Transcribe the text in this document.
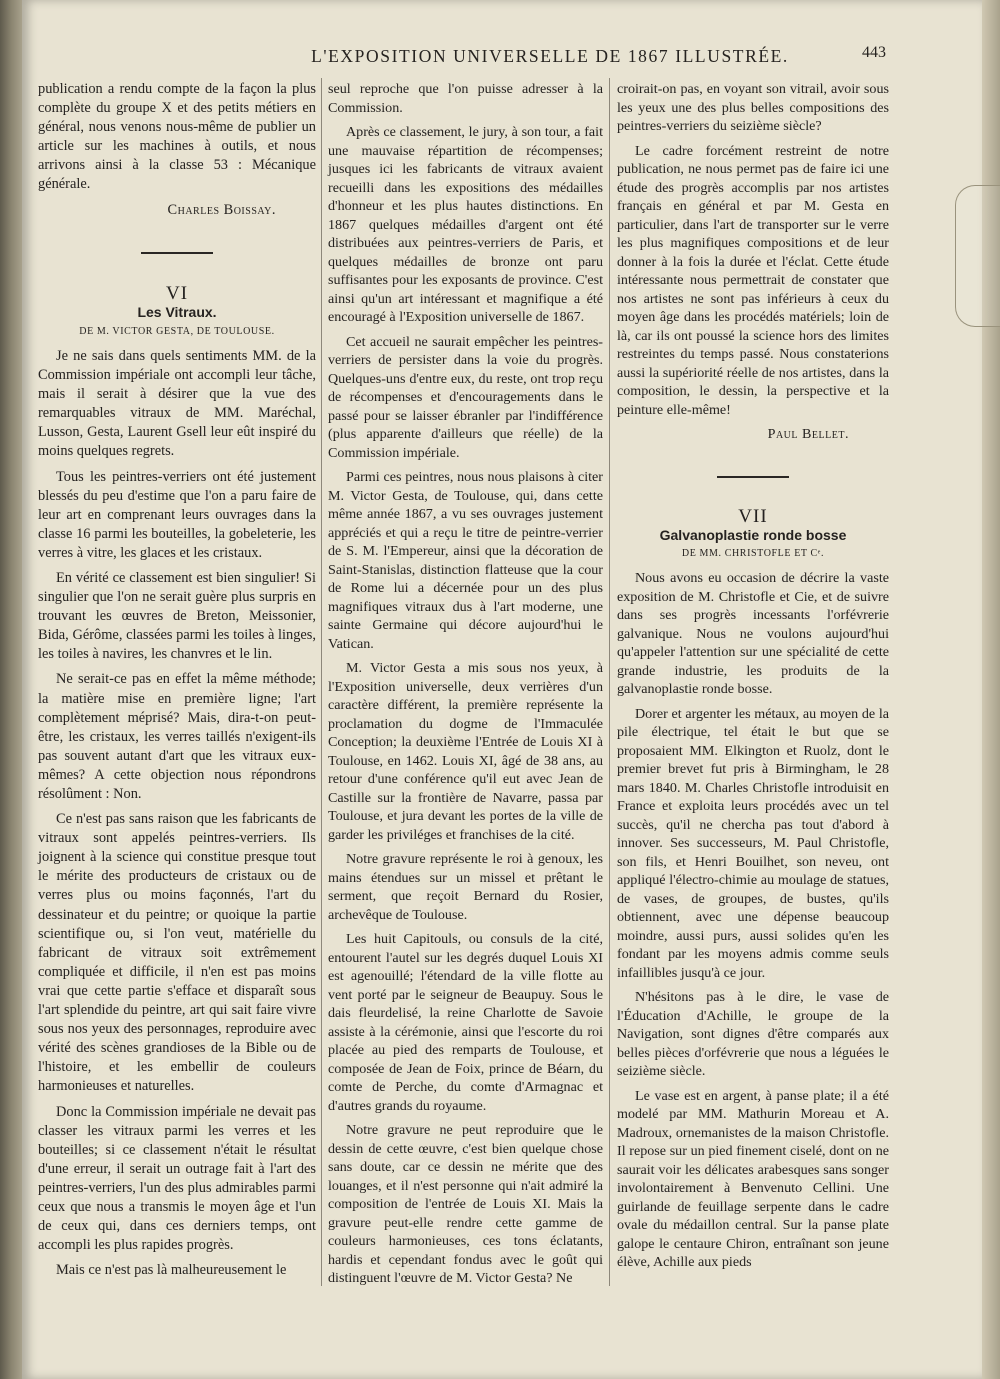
L'EXPOSITION UNIVERSELLE DE 1867 ILLUSTRÉE.	443

publication a rendu compte de la façon la plus complète du groupe X et des petits métiers en général, nous venons nous-même de publier un article sur les machines à outils, et nous arrivons ainsi à la classe 53 : Mécanique générale.

Charles Boissay.

VI

Les Vitraux.

DE M. VICTOR GESTA, DE TOULOUSE.

Je ne sais dans quels sentiments MM. de la Commission impériale ont accompli leur tâche, mais il serait à désirer que la vue des remarquables vitraux de MM. Maréchal, Lusson, Gesta, Laurent Gsell leur eût inspiré du moins quelques regrets.

Tous les peintres-verriers ont été justement blessés du peu d'estime que l'on a paru faire de leur art en comprenant leurs ouvrages dans la classe 16 parmi les bouteilles, la gobeleterie, les verres à vitre, les glaces et les cristaux.

En vérité ce classement est bien singulier! Si singulier que l'on ne serait guère plus surpris en trouvant les œuvres de Breton, Meissonier, Bida, Gérôme, classées parmi les toiles à linges, les toiles à navires, les chanvres et le lin.

Ne serait-ce pas en effet la même méthode; la matière mise en première ligne; l'art complètement méprisé? Mais, dira-t-on peut-être, les cristaux, les verres taillés n'exigent-ils pas souvent autant d'art que les vitraux eux-mêmes? A cette objection nous répondrons résolûment : Non.

Ce n'est pas sans raison que les fabricants de vitraux sont appelés peintres-verriers. Ils joignent à la science qui constitue presque tout le mérite des producteurs de cristaux ou de verres plus ou moins façonnés, l'art du dessinateur et du peintre; or quoique la partie scientifique ou, si l'on veut, matérielle du fabricant de vitraux soit extrêmement compliquée et difficile, il n'en est pas moins vrai que cette partie s'efface et disparaît sous l'art splendide du peintre, art qui sait faire vivre sous nos yeux des personnages, reproduire avec vérité des scènes grandioses de la Bible ou de l'histoire, et les embellir de couleurs harmonieuses et naturelles.

Donc la Commission impériale ne devait pas classer les vitraux parmi les verres et les bouteilles; si ce classement n'était le résultat d'une erreur, il serait un outrage fait à l'art des peintres-verriers, l'un des plus admirables parmi ceux que nous a transmis le moyen âge et l'un de ceux qui, dans ces derniers temps, ont accompli les plus rapides progrès.

Mais ce n'est pas là malheureusement le

seul reproche que l'on puisse adresser à la Commission.

Après ce classement, le jury, à son tour, a fait une mauvaise répartition de récompenses; jusques ici les fabricants de vitraux avaient recueilli dans les expositions des médailles d'honneur et les plus hautes distinctions. En 1867 quelques médailles d'argent ont été distribuées aux peintres-verriers de Paris, et quelques médailles de bronze ont paru suffisantes pour les exposants de province. C'est ainsi qu'un art intéressant et magnifique a été encouragé à l'Exposition universelle de 1867.

Cet accueil ne saurait empêcher les peintres-verriers de persister dans la voie du progrès. Quelques-uns d'entre eux, du reste, ont trop reçu de récompenses et d'encouragements dans le passé pour se laisser ébranler par l'indifférence (plus apparente d'ailleurs que réelle) de la Commission impériale.

Parmi ces peintres, nous nous plaisons à citer M. Victor Gesta, de Toulouse, qui, dans cette même année 1867, a vu ses ouvrages justement appréciés et qui a reçu le titre de peintre-verrier de S. M. l'Empereur, ainsi que la décoration de Saint-Stanislas, distinction flatteuse que la cour de Rome lui a décernée pour un des plus magnifiques vitraux dus à l'art moderne, une sainte Germaine qui décore aujourd'hui le Vatican.

M. Victor Gesta a mis sous nos yeux, à l'Exposition universelle, deux verrières d'un caractère différent, la première représente la proclamation du dogme de l'Immaculée Conception; la deuxième l'Entrée de Louis XI à Toulouse, en 1462. Louis XI, âgé de 38 ans, au retour d'une conférence qu'il eut avec Jean de Castille sur la frontière de Navarre, passa par Toulouse, et jura devant les portes de la ville de garder les priviléges et franchises de la cité.

Notre gravure représente le roi à genoux, les mains étendues sur un missel et prêtant le serment, que reçoit Bernard du Rosier, archevêque de Toulouse.

Les huit Capitouls, ou consuls de la cité, entourent l'autel sur les degrés duquel Louis XI est agenouillé; l'étendard de la ville flotte au vent porté par le seigneur de Beaupuy. Sous le dais fleurdelisé, la reine Charlotte de Savoie assiste à la cérémonie, ainsi que l'escorte du roi placée au pied des remparts de Toulouse, et composée de Jean de Foix, prince de Béarn, du comte de Perche, du comte d'Armagnac et d'autres grands du royaume.

Notre gravure ne peut reproduire que le dessin de cette œuvre, c'est bien quelque chose sans doute, car ce dessin ne mérite que des louanges, et il n'est personne qui n'ait admiré la composition de l'entrée de Louis XI. Mais la gravure peut-elle rendre cette gamme de couleurs harmonieuses, ces tons éclatants, hardis et cependant fondus avec le goût qui distinguent l'œuvre de M. Victor Gesta? Ne

croirait-on pas, en voyant son vitrail, avoir sous les yeux une des plus belles compositions des peintres-verriers du seizième siècle?

Le cadre forcément restreint de notre publication, ne nous permet pas de faire ici une étude des progrès accomplis par nos artistes français en général et par M. Gesta en particulier, dans l'art de transporter sur le verre les plus magnifiques compositions et de leur donner à la fois la durée et l'éclat. Cette étude intéressante nous permettrait de constater que nos artistes ne sont pas inférieurs à ceux du moyen âge dans les procédés matériels; loin de là, car ils ont poussé la science hors des limites restreintes du temps passé. Nous constaterions aussi la supériorité réelle de nos artistes, dans la composition, le dessin, la perspective et la peinture elle-même!

Paul Bellet.

VII

Galvanoplastie ronde bosse

DE MM. CHRISTOFLE ET Cᵉ.

Nous avons eu occasion de décrire la vaste exposition de M. Christofle et Cie, et de suivre dans ses progrès incessants l'orfévrerie galvanique. Nous ne voulons aujourd'hui qu'appeler l'attention sur une spécialité de cette grande industrie, les produits de la galvanoplastie ronde bosse.

Dorer et argenter les métaux, au moyen de la pile électrique, tel était le but que se proposaient MM. Elkington et Ruolz, dont le premier brevet fut pris à Birmingham, le 28 mars 1840. M. Charles Christofle introduisit en France et exploita leurs procédés avec un tel succès, qu'il ne chercha pas tout d'abord à innover. Ses successeurs, M. Paul Christofle, son fils, et Henri Bouilhet, son neveu, ont appliqué l'électro-chimie au moulage de statues, de vases, de groupes, de bustes, qu'ils obtiennent, avec une dépense beaucoup moindre, aussi purs, aussi solides qu'en les fondant par les moyens admis comme seuls infaillibles jusqu'à ce jour.

N'hésitons pas à le dire, le vase de l'Éducation d'Achille, le groupe de la Navigation, sont dignes d'être comparés aux belles pièces d'orfévrerie que nous a léguées le seizième siècle.

Le vase est en argent, à panse plate; il a été modelé par MM. Mathurin Moreau et A. Madroux, ornemanistes de la maison Christofle. Il repose sur un pied finement ciselé, dont on ne saurait voir les délicates arabesques sans songer involontairement à Benvenuto Cellini. Une guirlande de feuillage serpente dans le cadre ovale du médaillon central. Sur la panse plate galope le centaure Chiron, entraînant son jeune élève, Achille aux pieds
